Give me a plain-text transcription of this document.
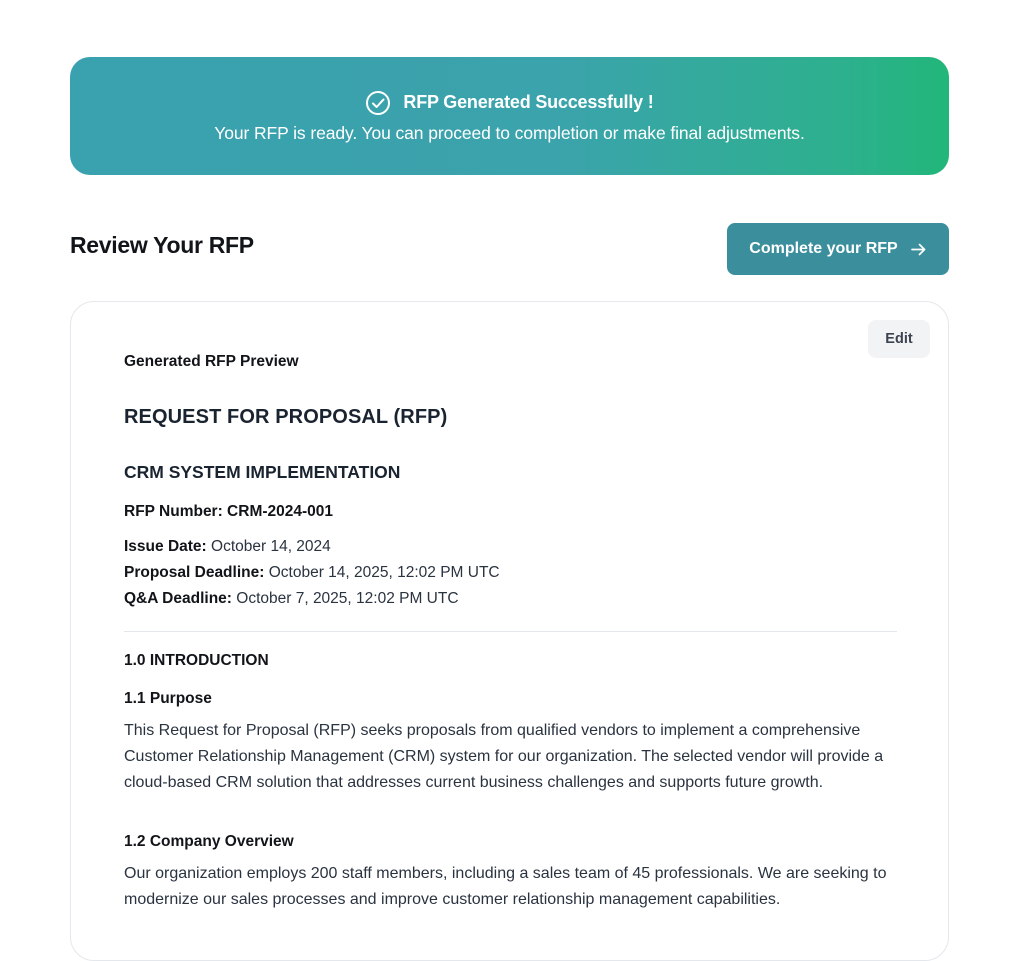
RFP Generated Successfully !
Your RFP is ready. You can proceed to completion or make final adjustments.
Review Your RFP	Complete your RFP
Edit
Generated RFP Preview
REQUEST FOR PROPOSAL (RFP)
CRM SYSTEM IMPLEMENTATION
RFP Number: CRM-2024-001
Issue Date: October 14, 2024
Proposal Deadline: October 14, 2025, 12:02 PM UTC
Q&A Deadline: October 7, 2025, 12:02 PM UTC
1.0 INTRODUCTION
1.1 Purpose
This Request for Proposal (RFP) seeks proposals from qualified vendors to implement a comprehensive Customer Relationship Management (CRM) system for our organization. The selected vendor will provide a cloud-based CRM solution that addresses current business challenges and supports future growth.
1.2 Company Overview
Our organization employs 200 staff members, including a sales team of 45 professionals. We are seeking to modernize our sales processes and improve customer relationship management capabilities.
